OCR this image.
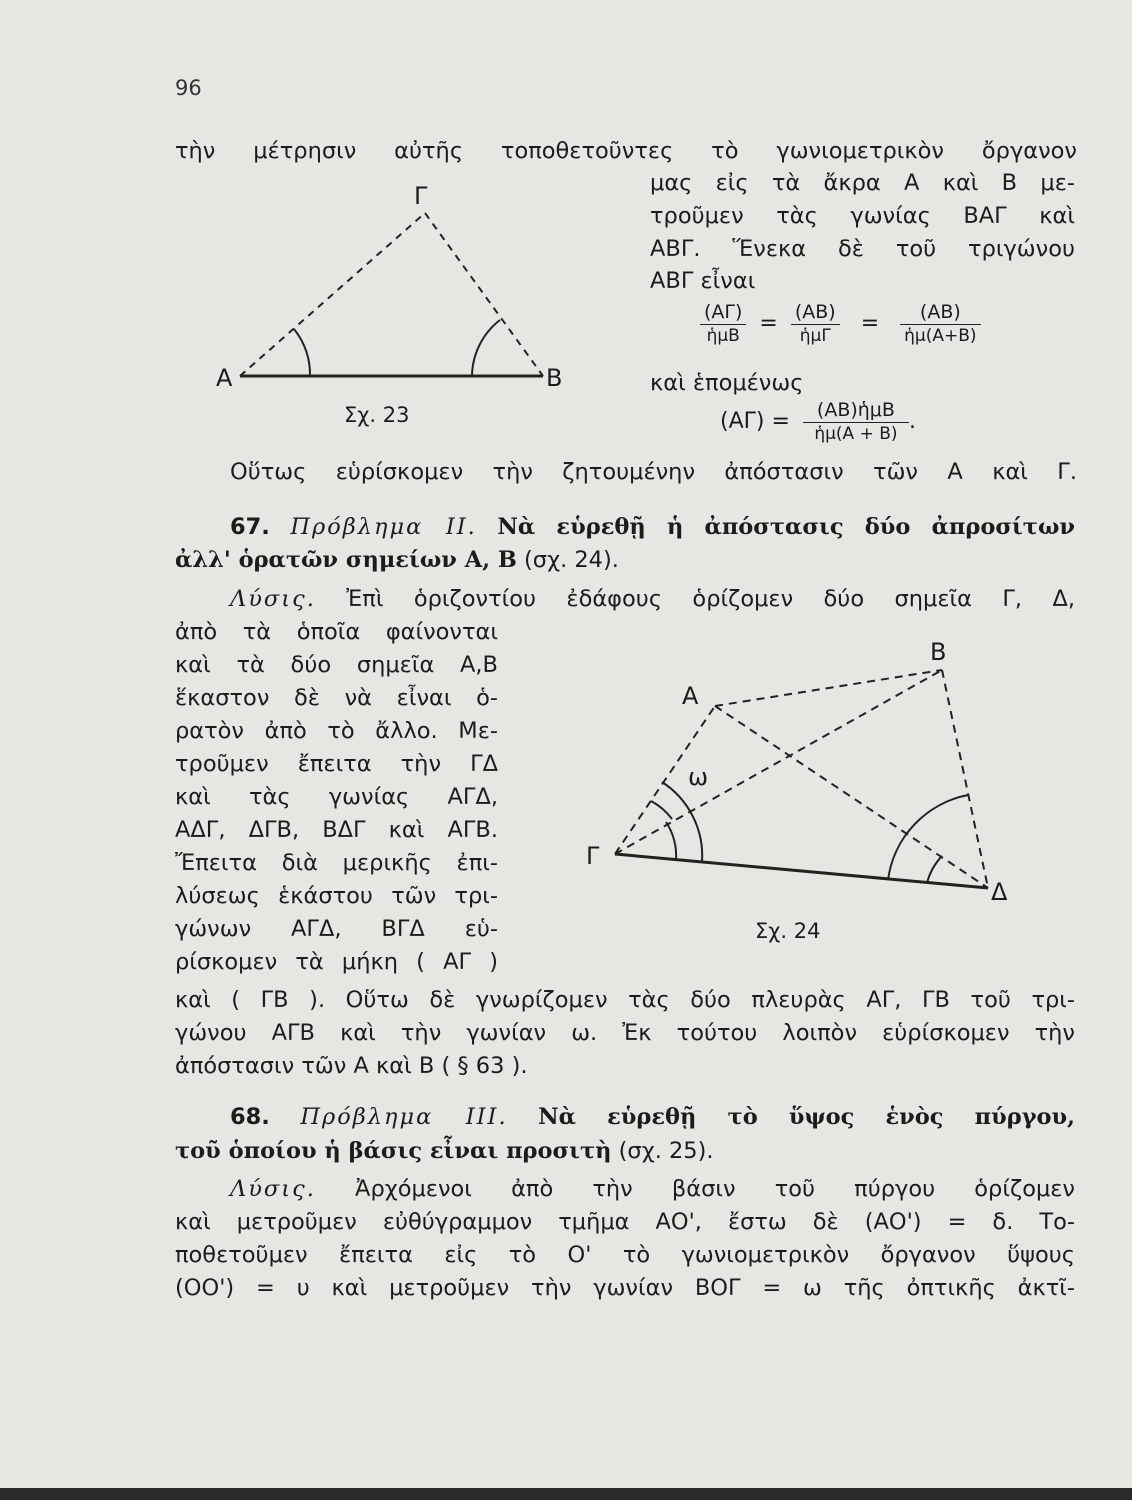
96
τὴν μέτρησιν αὐτῆς τοποθετοῦντες τὸ γωνιομετρικὸν ὄργανον
μας εἰς τὰ ἄκρα Α καὶ Β με-
τροῦμεν τὰς γωνίας ΒΑΓ καὶ
ΑΒΓ. Ἕνεκα δὲ τοῦ τριγώνου
ΑΒΓ εἶναι
Α	Β
Γ
Σχ. 23
$\frac{(A\Gamma)}{\text{ἡμΒ}} = \frac{(AB)}{\text{ἡμΓ}} = \frac{(AB)}{\text{ἡμ(Α+Β)}}$
καὶ ἑπομένως
$(A\Gamma) = \frac{\text{(ΑΒ)ἡμΒ}}{\text{ἡμ(Α + Β)}}$ .
Οὕτως εὑρίσκομεν τὴν ζητουμένην ἀπόστασιν τῶν Α καὶ Γ.
67. Πρόβλημα ΙΙ. Νὰ εὑρεθῇ ἡ ἀπόστασις δύο ἀπροσίτων
ἀλλ' ὁρατῶν σημείων Α, Β (σχ. 24).
Λύσις. Ἐπὶ ὁριζοντίου ἐδάφους ὁρίζομεν δύο σημεῖα Γ, Δ,
ἀπὸ τὰ ὁποῖα φαίνονται
καὶ τὰ δύο σημεῖα Α,Β
ἕκαστον δὲ νὰ εἶναι ὁ-
ρατὸν ἀπὸ τὸ ἄλλο. Με-
τροῦμεν ἔπειτα τὴν ΓΔ
καὶ τὰς γωνίας ΑΓΔ,
ΑΔΓ, ΔΓΒ, ΒΔΓ καὶ ΑΓΒ.
Ἔπειτα διὰ μερικῆς ἐπι-
λύσεως ἑκάστου τῶν τρι-
γώνων ΑΓΔ, ΒΓΔ εὑ-
ρίσκομεν τὰ μήκη ( ΑΓ )
Α
Β
Γ
Δ
ω
Σχ. 24
καὶ ( ΓΒ ). Οὕτω δὲ γνωρίζομεν τὰς δύο πλευρὰς ΑΓ, ΓΒ τοῦ τρι-
γώνου ΑΓΒ καὶ τὴν γωνίαν ω. Ἐκ τούτου λοιπὸν εὑρίσκομεν τὴν
ἀπόστασιν τῶν Α καὶ Β ( § 63 ).
68. Πρόβλημα ΙΙΙ. Νὰ εὑρεθῇ τὸ ὕψος ἑνὸς πύργου,
τοῦ ὁποίου ἡ βάσις εἶναι προσιτὴ (σχ. 25).
Λύσις. Ἀρχόμενοι ἀπὸ τὴν βάσιν τοῦ πύργου ὁρίζομεν
καὶ μετροῦμεν εὐθύγραμμον τμῆμα ΑΟ', ἔστω δὲ (ΑΟ') = δ. Το-
ποθετοῦμεν ἔπειτα εἰς τὸ Ο' τὸ γωνιομετρικὸν ὄργανον ὕψους
(ΟΟ') = υ καὶ μετροῦμεν τὴν γωνίαν ΒΟΓ = ω τῆς ὀπτικῆς ἀκτῖ-
